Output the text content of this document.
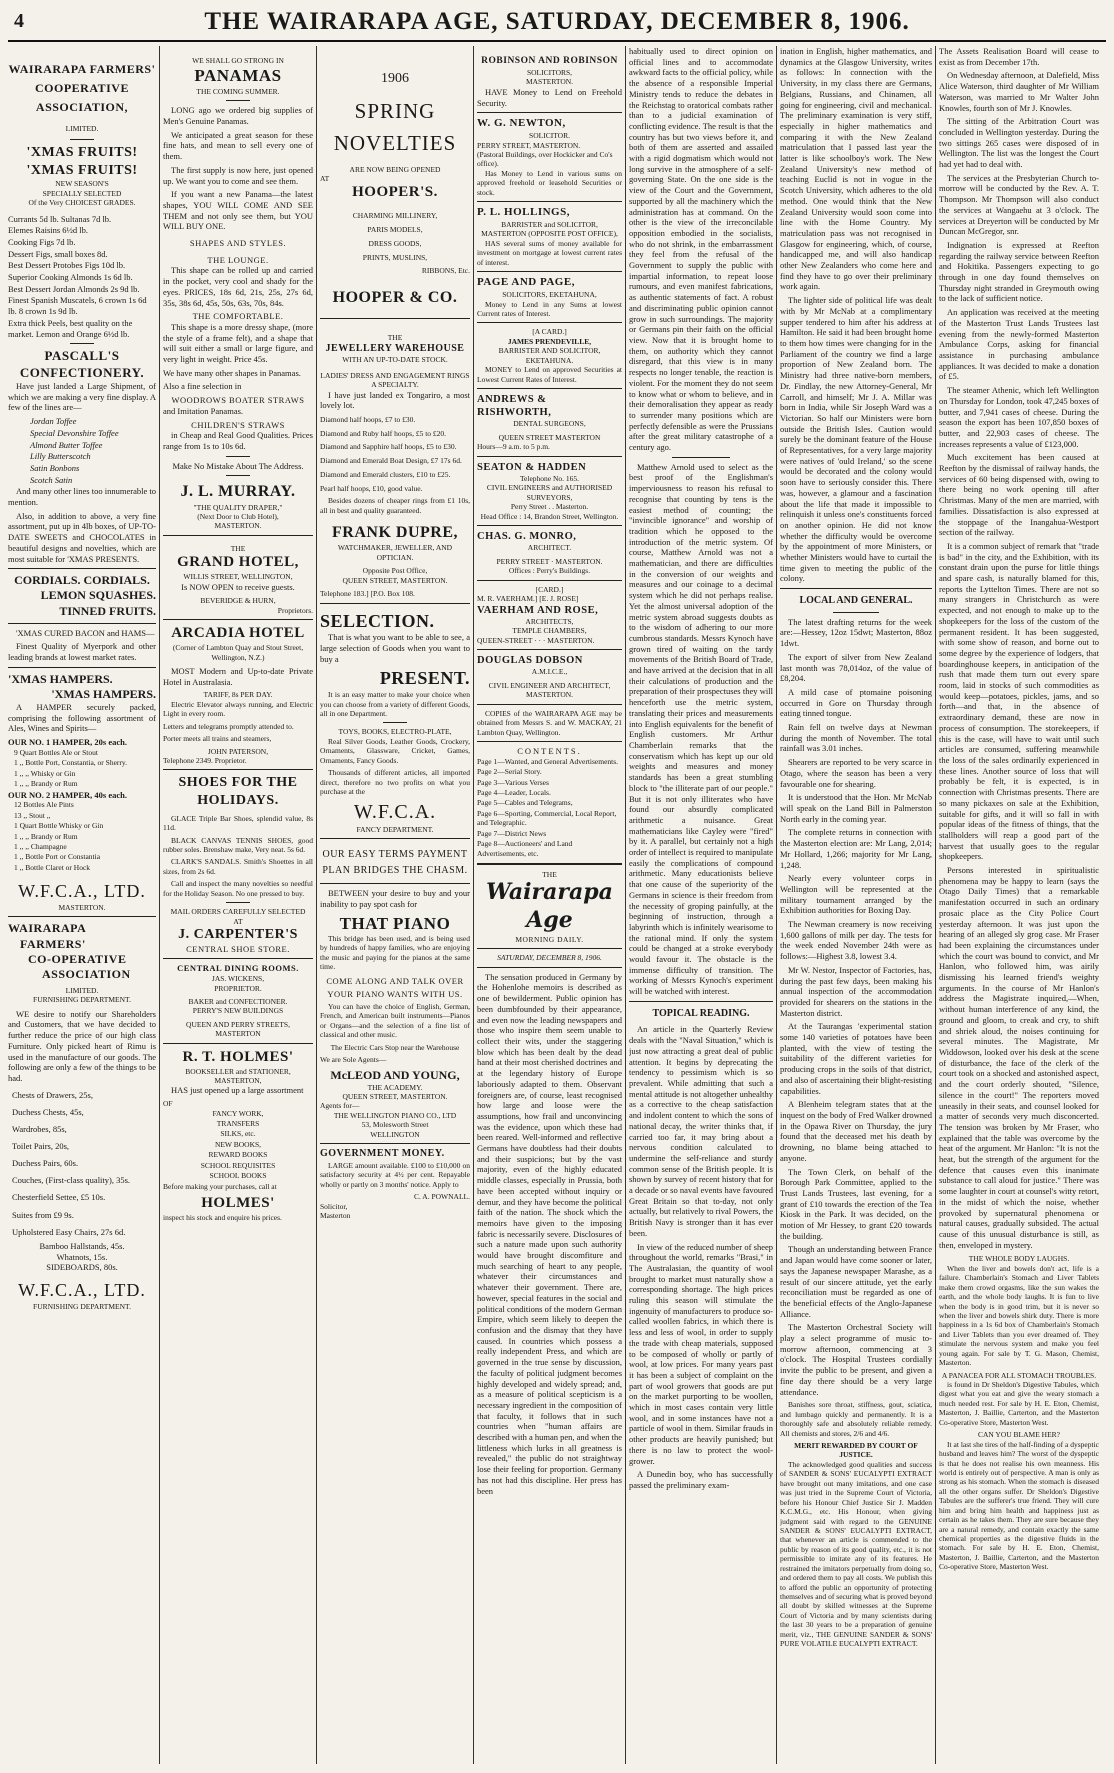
4	THE WAIRARAPA AGE, SATURDAY, DECEMBER 8, 1906.
WAIRARAPA FARMERS' COOPERATIVE ASSOCIATION,
LIMITED.
'XMAS FRUITS!
'XMAS FRUITS!
NEW SEASON'S
SPECIALLY SELECTED
Of the Very CHOICEST GRADES.
Currants 5d lb. Sultanas 7d lb.
Elemes Raisins 6½d lb.
Cooking Figs 7d lb.
Dessert Figs, small boxes 8d.
Best Dessert Protobes Figs 10d lb.
Superior Cooking Almonds 1s 6d lb.
Best Dessert Jordan Almonds 2s 9d lb.
Finest Spanish Muscatels, 6 crown 1s 6d lb. 8 crown 1s 9d lb.
Extra thick Peels, best quality on the market. Lemon and Orange 6½d lb.
PASCALL'S CONFECTIONERY.

Have just landed a Large Shipment, of which we are making a very fine display. A few of the lines are—

Jordan Toffee
Special Devonshire Toffee
Almond Butter Toffee
Lilly Butterscotch
Satin Bonbons
Scotch Satin

And many other lines too innumerable to mention.

Also, in addition to above, a very fine assortment, put up in 4lb boxes, of UP-TO-DATE SWEETS and CHOCOLATES in beautiful designs and novelties, which are most suitable for 'XMAS PRESENTS.

CORDIALS. CORDIALS.
LEMON SQUASHES.
TINNED FRUITS.

'XMAS CURED BACON and HAMS—

Finest Quality of Myerpork and other leading brands at lowest market rates.

'XMAS HAMPERS.
'XMAS HAMPERS.

A HAMPER securely packed, comprising the following assortment of Ales, Wines and Spirits—

OUR NO. 1 HAMPER, 20s each.
9 Quart Bottles Ale or Stout
1 ,, Bottle Port, Constantia, or Sherry.
1 ,, ,, Whisky or Gin
1 ,, ,, Brandy or Rum
OUR NO. 2 HAMPER, 40s each.
12 Bottles Ale Pints
13 ,, Stout ,,
1 Quart Bottle Whisky or Gin
1 ,, ,, Brandy or Rum
1 ,, ,, Champagne
1 ,, Bottle Port or Constantia
1 ,, Bottle Claret or Hock
W.F.C.A., LTD.
MASTERTON.
WAIRARAPA
FARMERS'
CO-OPERATIVE
ASSOCIATION
LIMITED.
FURNISHING DEPARTMENT.

WE desire to notify our Shareholders and Customers, that we have decided to further reduce the price of our high class Furniture. Only picked heart of Rimu is used in the manufacture of our goods. The following are only a few of the things to be had.

Chests of Drawers, 25s,
Duchess Chests, 45s,
Wardrobes, 85s,
Toilet Pairs, 20s,
Duchess Pairs, 60s.
Couches, (First-class quality), 35s.
Chesterfield Settee, £5 10s.
Suites from £9 9s.
Upholstered Easy Chairs, 27s 6d.
Bamboo Hallstands, 45s.
Whatnots, 15s.
SIDEBOARDS, 80s.
W.F.C.A., LTD.
FURNISHING DEPARTMENT.
WE SHALL GO STRONG IN
PANAMAS
THE COMING SUMMER.

LONG ago we ordered big supplies of Men's Genuine Panamas.

We anticipated a great season for these fine hats, and mean to sell every one of them.

The first supply is now here, just opened up. We want you to come and see them.

If you want a new Panama—the latest shapes, YOU WILL COME AND SEE THEM and not only see them, but YOU WILL BUY ONE.

SHAPES AND STYLES.
THE LOUNGE.

This shape can be rolled up and carried in the pocket, very cool and shady for the eyes. PRICES, 18s 6d, 21s, 25s, 27s 6d, 35s, 38s 6d, 45s, 50s, 63s, 70s, 84s.

THE COMFORTABLE.

This shape is a more dressy shape, (more the style of a frame felt), and a shape that will suit either a small or large figure, and very light in weight. Price 45s.

We have many other shapes in Panamas.

Also a fine selection in

WOODROWS BOATER STRAWS

and Imitation Panamas.

CHILDREN'S STRAWS

in Cheap and Real Good Qualities. Prices range from 1s to 10s 6d.

Make No Mistake About The Address.
J. L. MURRAY.
"THE QUALITY DRAPER,"
(Next Door to Club Hotel),
MASTERTON.
THE
GRAND HOTEL,
WILLIS STREET, WELLINGTON,
Is NOW OPEN to receive guests.
BEVERIDGE & HURN,
Proprietors.
ARCADIA HOTEL
(Corner of Lambton Quay and Stout Street, Wellington, N.Z.)

MOST Modern and Up-to-date Private Hotel in Australasia.

TARIFF, 8s PER DAY.

Electric Elevator always running, and Electric Light in every room.

Letters and telegrams promptly attended to.

Porter meets all trains and steamers,

JOHN PATERSON,
Telephone 2349. Proprietor.
SHOES FOR THE HOLIDAYS.

GLACE Triple Bar Shoes, splendid value, 8s 11d.

BLACK CANVAS TENNIS SHOES, good rubber soles. Brenshaw make, Very neat. 5s 6d.

CLARK'S SANDALS. Smith's Shoettes in all sizes, from 2s 6d.

Call and inspect the many novelties so needful for the Holiday Season. No one pressed to buy.

MAIL ORDERS CAREFULLY SELECTED
AT
J. CARPENTER'S
CENTRAL SHOE STORE.
CENTRAL DINING ROOMS.
JAS. WICKENS,
PROPRIETOR.
BAKER and CONFECTIONER.
PERRY'S NEW BUILDINGS
QUEEN AND PERRY STREETS,
MASTERTON
R. T. HOLMES'
BOOKSELLER and STATIONER,
MASTERTON,

HAS just opened up a large assortment

OF
FANCY WORK,
TRANSFERS
SILKS, etc.
NEW BOOKS,
REWARD BOOKS
SCHOOL REQUISITES
SCHOOL BOOKS

Before making your purchases, call at

HOLMES'

inspect his stock and enquire his prices.

1906
SPRING
NOVELTIES
ARE NOW BEING OPENED
AT
HOOPER'S.
CHARMING MILLINERY,
PARIS MODELS,
DRESS GOODS,
PRINTS, MUSLINS,
RIBBONS, Etc.
HOOPER & CO.
THE
JEWELLERY WAREHOUSE
WITH AN UP-TO-DATE STOCK.
LADIES' DRESS AND ENGAGEMENT RINGS A SPECIALTY.

I have just landed ex Tongariro, a most lovely lot.

Diamond half hoops, £7 to £30.
Diamond and Ruby half hoops, £5 to £20.
Diamond and Sapphire half hoops, £5 to £30.
Diamond and Emerald Boat Design, £7 17s 6d.
Diamond and Emerald clusters, £10 to £25.
Pearl half hoops, £10, good value.

Besides dozens of cheaper rings from £1 10s, all in best and quality guaranteed.

FRANK DUPRE,
WATCHMAKER, JEWELLER, AND OPTICIAN.
Opposite Post Office,
QUEEN STREET, MASTERTON.
Telephone 183.] [P.O. Box 108.
SELECTION.

That is what you want to be able to see, a large selection of Goods when you want to buy a

PRESENT.

It is an easy matter to make your choice when you can choose from a variety of different Goods, all in one Department.

TOYS, BOOKS, ELECTRO-PLATE,

Real Silver Goods, Leather Goods, Crockery, Ornaments, Glassware, Cricket, Games, Ornaments, Fancy Goods.

Thousands of different articles, all imported direct, therefore no two profits on what you purchase at the

W.F.C.A.
FANCY DEPARTMENT.
OUR EASY TERMS PAYMENT PLAN BRIDGES THE CHASM.

BETWEEN your desire to buy and your inability to pay spot cash for

THAT PIANO

This bridge has been used, and is being used by hundreds of happy families, who are enjoying the music and paying for the pianos at the same time.

COME ALONG AND TALK OVER YOUR PIANO WANTS WITH US.

You can have the choice of English, German, French, and American built instruments—Pianos or Organs—and the selection of a fine list of classical and other music.

The Electric Cars Stop near the Warehouse

We are Sole Agents—

McLEOD AND YOUNG,
THE ACADEMY.
QUEEN STREET, MASTERTON.
Agents for—
THE WELLINGTON PIANO CO., LTD
53, Molesworth Street
WELLINGTON
GOVERNMENT MONEY.

LARGE amount available. £100 to £10,000 on satisfactory security at 4½ per cent. Repayable wholly or partly on 3 months' notice. Apply to

C. A. POWNALL.
Solicitor,
Masterton
ROBINSON AND ROBINSON
SOLICITORS,
MASTERTON.

HAVE Money to Lend on Freehold Security.

W. G. NEWTON,
SOLICITOR.
PERRY STREET, MASTERTON.
(Pastoral Buildings, over Hockicker and Co's office).

Has Money to Lend in various sums on approved freehold or leasehold Securities or stock.

P. L. HOLLINGS,
BARRISTER and SOLICITOR,
MASTERTON (OPPOSITE POST OFFICE),

HAS several sums of money available for investment on mortgage at lowest current rates of interest.

PAGE AND PAGE,
SOLICITORS, EKETAHUNA,

Money to Lend in any Sums at lowest Current rates of Interest.

[A CARD.]
JAMES PRENDEVILLE,
BARRISTER AND SOLICITOR,
EKETAHUNA.

MONEY to Lend on approved Securities at Lowest Current Rates of Interest.

ANDREWS & RISHWORTH,
DENTAL SURGEONS,
QUEEN STREET MASTERTON
Hours—9 a.m. to 5 p.m.
SEATON & HADDEN
Telephone No. 165.
CIVIL ENGINEERS and AUTHORISED SURVEYORS,
Perry Street . . Masterton.
Head Office : 14, Brandon Street, Wellington.
CHAS. G. MONRO,
ARCHITECT.
PERRY STREET · MASTERTON.
Offices : Perry's Buildings.
[CARD.]
M. R. VAERHAM.] [E. J. ROSE]
VAERHAM AND ROSE,
ARCHITECTS,
TEMPLE CHAMBERS,
QUEEN-STREET · · · MASTERTON.
DOUGLAS DOBSON
A.M.I.C.E.,
CIVIL ENGINEER AND ARCHITECT,
MASTERTON.

COPIES of the WAIRARAPA AGE may be obtained from Messrs S. and W. MACKAY, 21 Lambton Quay, Wellington.

CONTENTS.
Page 1—Wanted, and General Advertisements.
Page 2—Serial Story.
Page 3—Various Verses
Page 4—Leader, Locals.
Page 5—Cables and Telegrams,
Page 6—Sporting, Commercial, Local Report, and Telegraphic.
Page 7—District News
Page 8—Auctioneers' and Land Advertisements, etc.
THE
Wairarapa Age
MORNING DAILY.
SATURDAY, DECEMBER 8, 1906.

The sensation produced in Germany by the Hohenlohe memoirs is described as one of bewilderment. Public opinion has been dumbfounded by their appearance, and even now the leading newspapers and those who inspire them seem unable to collect their wits, under the staggering blow which has been dealt by the dead hand at their most cherished doctrines and at the legendary history of Europe laboriously adapted to them. Observant foreigners are, of course, least recognised how large and loose were the assumptions, how frail and unconvincing was the evidence, upon which these had been reared. Well-informed and reflective Germans have doubtless had their doubts and their suspicions; but by the vast majority, even of the highly educated middle classes, especially in Prussia, both have been accepted without inquiry or demur, and they have become the political faith of the nation. The shock which the memoirs have given to the imposing fabric is necessarily severe. Disclosures of such a nature made upon such authority would have brought discomfiture and much searching of heart to any people, whatever their circumstances and whatever their government. There are, however, special features in the social and political conditions of the modern German Empire, which seem likely to deepen the confusion and the dismay that they have caused. In countries which possess a really independent Press, and which are governed in the true sense by discussion, the faculty of political judgment becomes highly developed and widely spread; and, as a measure of political scepticism is a necessary ingredient in the composition of that faculty, it follows that in such countries when "human affairs are described with a human pen, and when the littleness which lurks in all greatness is revealed," the public do not straightway lose their feeling for proportion. Germany has not had this discipline. Her press has been

habitually used to direct opinion on official lines and to accommodate awkward facts to the official policy, while the absence of a responsible Imperial Ministry tends to reduce the debates in the Reichstag to oratorical combats rather than to a judicial examination of conflicting evidence. The result is that the country has but two views before it, and both of them are asserted and assailed with a rigid dogmatism which would not long survive in the atmosphere of a self-governing State. On the one side is the view of the Court and the Government, supported by all the machinery which the administration has at command. On the other is the view of the irreconcilable opposition embodied in the socialists, who do not shrink, in the embarrassment they feel from the refusal of the Government to supply the public with impartial information, to repeat loose rumours, and even manifest fabrications, as authentic statements of fact. A robust and discriminating public opinion cannot grow in such surroundings. The majority or Germans pin their faith on the official view. Now that it is brought home to them, on authority which they cannot disregard, that this view is in many respects no longer tenable, the reaction is violent. For the moment they do not seem to know what or whom to believe, and in their demoralisation they appear as ready to surrender many positions which are perfectly defensible as were the Prussians after the great military catastrophe of a century ago.

Matthew Arnold used to select as the best proof of the Englishman's imperviousness to reason his refusal to recognise that counting by tens is the easiest method of counting; the "invincible ignorance" and worship of tradition which he opposed to the introduction of the metric system. Of course, Matthew Arnold was not a mathematician, and there are difficulties in the conversion of our weights and measures and our coinage to a decimal system which he did not perhaps realise. Yet the almost universal adoption of the metric system abroad suggests doubts as to the wisdom of adhering to our more cumbrous standards. Messrs Kynoch have grown tired of waiting on the tardy movements of the British Board of Trade, and have arrived at the decision that in all their calculations of production and the preparation of their prospectuses they will henceforth use the metric system, translating their prices and measurements into English equivalents for the benefit of English customers. Mr Arthur Chamberlain remarks that the conservatism which has kept up our old weights and measures and money standards has been a great stumbling block to "the illiterate part of our people." But it is not only illiterates who have found our absurdly complicated arithmetic a nuisance. Great mathematicians like Cayley were "fired" by it. A parallel, but certainly not a high order of intellect is required to manipulate easily the complications of compound arithmetic. Many educationists believe that one cause of the superiority of the Germans in science is their freedom from the necessity of groping painfully, at the beginning of instruction, through a labyrinth which is infinitely wearisome to the rational mind. If only the system could be changed at a stroke everybody would favour it. The obstacle is the immense difficulty of transition. The working of Messrs Kynoch's experiment will be watched with interest.

TOPICAL READING.

An article in the Quarterly Review deals with the "Naval Situation," which is just now attracting a great deal of public attention. It begins by deprecating the tendency to pessimism which is so prevalent. While admitting that such a mental attitude is not altogether unhealthy as a corrective to the cheap satisfaction and indolent content to which the sons of national decay, the writer thinks that, if carried too far, it may bring about a nervous condition calculated to undermine the self-reliance and sturdy common sense of the British people. It is shown by survey of recent history that for a decade or so naval events have favoured Great Britain so that to-day, not only actually, but relatively to rival Powers, the British Navy is stronger than it has ever been.

In view of the reduced number of sheep throughout the world, remarks "Brasi," in The Australasian, the quantity of wool brought to market must naturally show a corresponding shortage. The high prices ruling this season will stimulate the ingenuity of manufacturers to produce so-called woollen fabrics, in which there is less and less of wool, in order to supply the trade with cheap materials, supposed to be composed of wholly or partly of wool, at low prices. For many years past it has been a subject of complaint on the part of wool growers that goods are put on the market purporting to be woollen, which in most cases contain very little wool, and in some instances have not a particle of wool in them. Similar frauds in other products are heavily punished; but there is no law to protect the wool-grower.

A Dunedin boy, who has successfully passed the preliminary exam-

ination in English, higher mathematics, and dynamics at the Glasgow University, writes as follows: In connection with the University, in my class there are Germans, Belgians, Russians, and Chinamen, all going for engineering, civil and mechanical. The preliminary examination is very stiff, especially in higher mathematics and comparing it with the New Zealand matriculation that I passed last year the latter is like schoolboy's work. The New Zealand University's new method of teaching Euclid is not in vogue in the Scotch University, which adheres to the old method. One would think that the New Zealand University would soon come into line with the Home Country. My matriculation pass was not recognised in Glasgow for engineering, which, of course, handicapped me, and will also handicap other New Zealanders who come here and find they have to go over their preliminary work again.

The lighter side of political life was dealt with by Mr McNab at a complimentary supper tendered to him after his address at Hamilton. He said it had been brought home to them how times were changing for in the Parliament of the country we find a large proportion of New Zealand born. The Ministry had three native-born members, Dr. Findlay, the new Attorney-General, Mr Carroll, and himself; Mr J. A. Millar was born in India, while Sir Joseph Ward was a Victorian. So half our Ministers were born outside the British Isles. Caution would surely be the dominant feature of the House of Representatives, for a very large majority were natives of 'ould Ireland,' so the scene would be decorated and the colony would soon have to seriously consider this. There was, however, a glamour and a fascination about the life that made it impossible to relinquish it unless one's constituents forced on another opinion. He did not know whether the difficulty would be overcome by the appointment of more Ministers, or whether Ministers would have to curtail the time given to meeting the public of the colony.

LOCAL AND GENERAL.

The latest drafting returns for the week are:—Hessey, 12oz 15dwt; Masterton, 88oz 1dwt.

The export of silver from New Zealand last month was 78,014oz, of the value of £8,204.

A mild case of ptomaine poisoning occurred in Gore on Thursday through eating tinned tongue.

Rain fell on twelve days at Newman during the month of November. The total rainfall was 3.01 inches.

Shearers are reported to be very scarce in Otago, where the season has been a very favourable one for shearing.

It is understood that the Hon. Mr McNab will speak on the Land Bill in Palmerston North early in the coming year.

The complete returns in connection with the Masterton election are: Mr Lang, 2,014; Mr Hollard, 1,266; majority for Mr Lang, 1,248.

Nearly every volunteer corps in Wellington will be represented at the military tournament arranged by the Exhibition authorities for Boxing Day.

The Newman creamery is now receiving 1,600 gallons of milk per day. The tests for the week ended November 24th were as follows:—Highest 3.8, lowest 3.4.

Mr W. Nestor, Inspector of Factories, has, during the past few days, been making his annual inspection of the accommodation provided for shearers on the stations in the Masterton district.

At the Taurangas 'experimental station some 140 varieties of potatoes have been planted, with the view of testing the suitability of the different varieties for producing crops in the soils of that district, and also of ascertaining their blight-resisting capabilities.

A Blenheim telegram states that at the inquest on the body of Fred Walker drowned in the Opawa River on Thursday, the jury found that the deceased met his death by drowning, no blame being attached to anyone.

The Town Clerk, on behalf of the Borough Park Committee, applied to the Trust Lands Trustees, last evening, for a grant of £10 towards the erection of the Tea Kiosk in the Park. It was decided, on the motion of Mr Hessey, to grant £20 towards the building.

Though an understanding between France and Japan would have come sooner or later, says the Japanese newspaper Marashe, as a result of our sincere attitude, yet the early reconciliation must be regarded as one of the beneficial effects of the Anglo-Japanese Alliance.

The Masterton Orchestral Society will play a select programme of music to-morrow afternoon, commencing at 3 o'clock. The Hospital Trustees cordially invite the public to be present, and given a fine day there should be a very large attendance.

Banishes sore throat, stiffness, gout, sciatica, and lumbago quickly and permanently. It is a thoroughly safe and absolutely reliable remedy. All chemists and stores, 2/6 and 4/6.

MERIT REWARDED BY COURT OF JUSTICE.

The acknowledged good qualities and success of SANDER & SONS' EUCALYPTI EXTRACT have brought out many imitations, and one case was just tried in the Supreme Court of Victoria, before his Honour Chief Justice Sir J. Madden K.C.M.G., etc. His Honour, when giving judgment said with regard to the GENUINE SANDER & SONS' EUCALYPTI EXTRACT, that whenever an article is commended to the public by reason of its good quality, etc., it is not permissible to imitate any of its features. He restrained the imitators perpetually from doing so, and ordered them to pay all costs. We publish this to afford the public an opportunity of protecting themselves and of securing what is proved beyond all doubt by skilled witnesses at the Supreme Court of Victoria and by many scientists during the last 30 years to be a preparation of genuine merit, viz., THE GENUINE SANDER & SONS' PURE VOLATILE EUCALYPTI EXTRACT.

The Assets Realisation Board will cease to exist as from December 17th.

On Wednesday afternoon, at Dalefield, Miss Alice Waterson, third daughter of Mr William Waterson, was married to Mr Walter John Knowles, fourth son of Mr J. Knowles.

The sitting of the Arbitration Court was concluded in Wellington yesterday. During the two sittings 265 cases were disposed of in Wellington. The list was the longest the Court had yet had to deal with.

The services at the Presbyterian Church to-morrow will be conducted by the Rev. A. T. Thompson. Mr Thompson will also conduct the services at Wangaehu at 3 o'clock. The services at Dreyerton will be conducted by Mr Duncan McGregor, snr.

Indignation is expressed at Reefton regarding the railway service between Reefton and Hokitika. Passengers expecting to go through in one day found themselves on Thursday night stranded in Greymouth owing to the lack of sufficient notice.

An application was received at the meeting of the Masterton Trust Lands Trustees last evening from the newly-formed Masterton Ambulance Corps, asking for financial assistance in purchasing ambulance appliances. It was decided to make a donation of £5.

The steamer Athenic, which left Wellington on Thursday for London, took 47,245 boxes of butter, and 7,941 cases of cheese. During the season the export has been 107,850 boxes of butter, and 22,903 cases of cheese. The increases represents a value of £123,000.

Much excitement has been caused at Reefton by the dismissal of railway hands, the services of 60 being dispensed with, owing to there being no work opening till after Christmas. Many of the men are married, with families. Dissatisfaction is also expressed at the stoppage of the Inangahua-Westport section of the railway.

It is a common subject of remark that "trade is bad" in the city, and the Exhibition, with its constant drain upon the purse for little things and spare cash, is naturally blamed for this, reports the Lyttelton Times. There are not so many strangers in Christchurch as were expected, and not enough to make up to the shopkeepers for the loss of the custom of the permanent resident. It has been suggested, with some show of reason, and borne out to some degree by the experience of lodgers, that boardinghouse keepers, in anticipation of the rush that made them turn out every spare room, laid in stocks of such commodities as would keep—potatoes, pickles, jams, and so forth—and that, in the absence of extraordinary demand, these are now in process of consumption. The storekeepers, if this is the case, will have to wait until such articles are consumed, suffering meanwhile the loss of the sales ordinarily experienced in these lines. Another source of loss that will probably be felt, it is expected, is in connection with Christmas presents. There are so many pickaxes on sale at the Exhibition, suitable for gifts, and it will so fall in with popular ideas of the fitness of things, that the stallholders will reap a good part of the harvest that usually goes to the regular shopkeepers.

Persons interested in spiritualistic phenomena may be happy to learn (says the Otago Daily Times) that a remarkable manifestation occurred in such an ordinary prosaic place as the City Police Court yesterday afternoon. It was just upon the hearing of an alleged sly grog case. Mr Fraser had been explaining the circumstances under which the court was bound to convict, and Mr Hanlon, who followed him, was airily dismissing his learned friend's weighty arguments. In the course of Mr Hanlon's address the Magistrate inquired,—When, without human interference of any kind, the ground and gloom, to creak and cry, to shift and shriek aloud, the noises continuing for several minutes. The Magistrate, Mr Widdowson, looked over his desk at the scene of disturbance, the face of the clerk of the court took on a shocked and astonished aspect, and the court orderly shouted, "Silence, silence in the court!" The reporters moved uneasily in their seats, and counsel looked for a matter of seconds very much disconcerted. The tension was broken by Mr Fraser, who explained that the table was overcome by the heat of the argument. Mr Hanlon: "It is not the heat, but the strength of the argument for the defence that causes even this inanimate substance to call aloud for justice." There was some laughter in court at counsel's witty retort, in the midst of which the noise, whether provoked by supernatural phenomena or natural causes, gradually subsided. The actual cause of this unusual disturbance is still, as then, enveloped in mystery.

THE WHOLE BODY LAUGHS.

When the liver and bowels don't act, life is a failure. Chamberlain's Stomach and Liver Tablets make them crowd orgasms, like the sun wakes the earth, and the whole body laughs. It is fun to live when the body is in good trim, but it is never so when the liver and bowels shirk duty. There is more happiness in a 1s 6d box of Chamberlain's Stomach and Liver Tablets than you ever dreamed of. They stimulate the nervous system and make you feel young again. For sale by T. G. Mason, Chemist, Masterton.

A PANACEA FOR ALL STOMACH TROUBLES.

is found in Dr Sheldon's Digestive Tabules, which digest what you eat and give the weary stomach a much needed rest. For sale by H. E. Eton, Chemist, Masterton, J. Baillie, Carterton, and the Masterton Co-operative Store, Masterton West.

CAN YOU BLAME HER?

It at last she tires of the half-finding of a dyspeptic husband and leaves him? The worst of the dyspeptic is that he does not realise his own meanness. His world is entirely out of perspective. A man is only as strong as his stomach. When the stomach is diseased all the other organs suffer. Dr Sheldon's Digestive Tabules are the sufferer's true friend. They will cure him and bring him health and happiness just as certain as he takes them. They are sure because they are a natural remedy, and contain exactly the same chemical properties as the digestive fluids in the stomach. For sale by H. E. Eton, Chemist, Masterton, J. Baillie, Carterton, and the Masterton Co-operative Store, Masterton West.
